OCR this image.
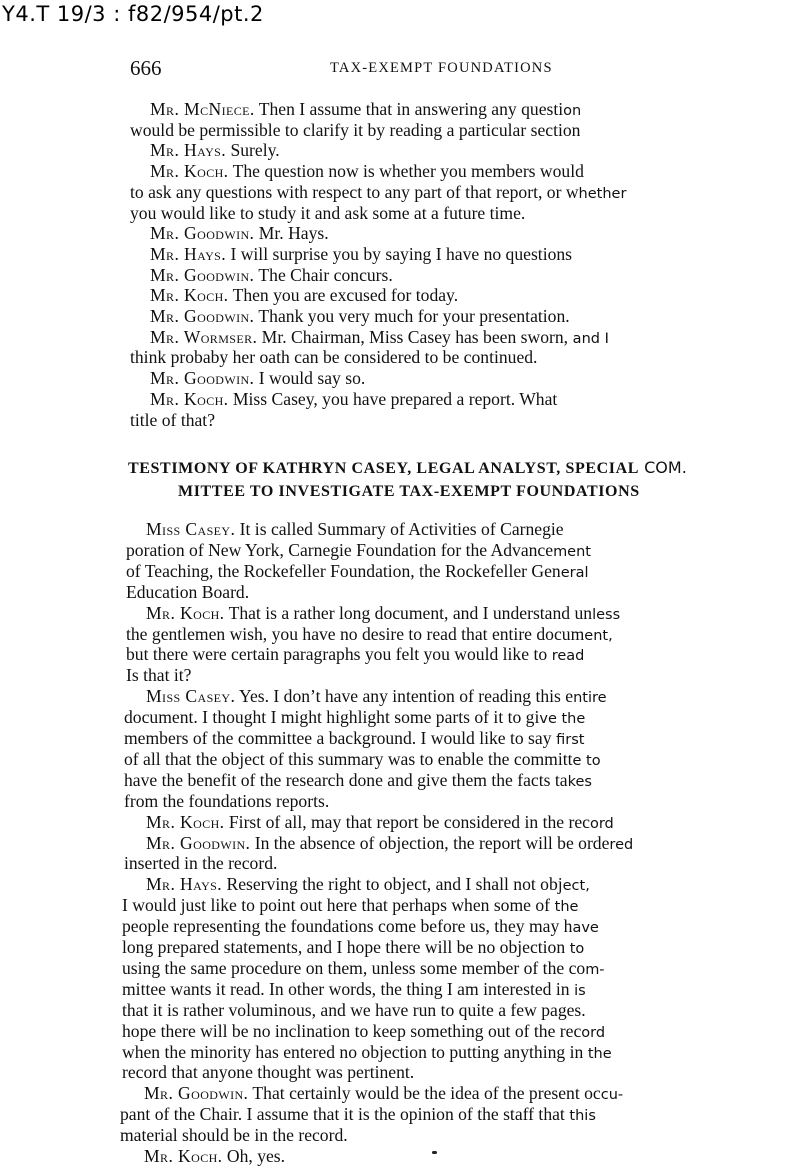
Y4.T 19/3 : f82/954/pt.2
666	TAX-EXEMPT FOUNDATIONS
Mr. McNiece. Then I assume that in answering any question
would be permissible to clarify it by reading a particular section
Mr. Hays. Surely.
Mr. Koch. The question now is whether you members would
to ask any questions with respect to any part of that report, or whether
you would like to study it and ask some at a future time.
Mr. Goodwin. Mr. Hays.
Mr. Hays. I will surprise you by saying I have no questions
Mr. Goodwin. The Chair concurs.
Mr. Koch. Then you are excused for today.
Mr. Goodwin. Thank you very much for your presentation.
Mr. Wormser. Mr. Chairman, Miss Casey has been sworn, and I
think probaby her oath can be considered to be continued.
Mr. Goodwin. I would say so.
Mr. Koch. Miss Casey, you have prepared a report. What
title of that?
TESTIMONY OF KATHRYN CASEY, LEGAL ANALYST, SPECIAL COM.
MITTEE TO INVESTIGATE TAX-EXEMPT FOUNDATIONS
Miss Casey. It is called Summary of Activities of Carnegie
poration of New York, Carnegie Foundation for the Advancement
of Teaching, the Rockefeller Foundation, the Rockefeller General
Education Board.
Mr. Koch. That is a rather long document, and I understand unless
the gentlemen wish, you have no desire to read that entire document,
but there were certain paragraphs you felt you would like to read
Is that it?
Miss Casey. Yes. I don’t have any intention of reading this entire
document. I thought I might highlight some parts of it to give the
members of the committee a background. I would like to say first
of all that the object of this summary was to enable the committe to
have the benefit of the research done and give them the facts takes
from the foundations reports.
Mr. Koch. First of all, may that report be considered in the record
Mr. Goodwin. In the absence of objection, the report will be ordered
inserted in the record.
Mr. Hays. Reserving the right to object, and I shall not object,
I would just like to point out here that perhaps when some of the
people representing the foundations come before us, they may have
long prepared statements, and I hope there will be no objection to
using the same procedure on them, unless some member of the com-
mittee wants it read. In other words, the thing I am interested in is
that it is rather voluminous, and we have run to quite a few pages.
hope there will be no inclination to keep something out of the record
when the minority has entered no objection to putting anything in the
record that anyone thought was pertinent.
Mr. Goodwin. That certainly would be the idea of the present occu-
pant of the Chair. I assume that it is the opinion of the staff that this
material should be in the record.
Mr. Koch. Oh, yes.
